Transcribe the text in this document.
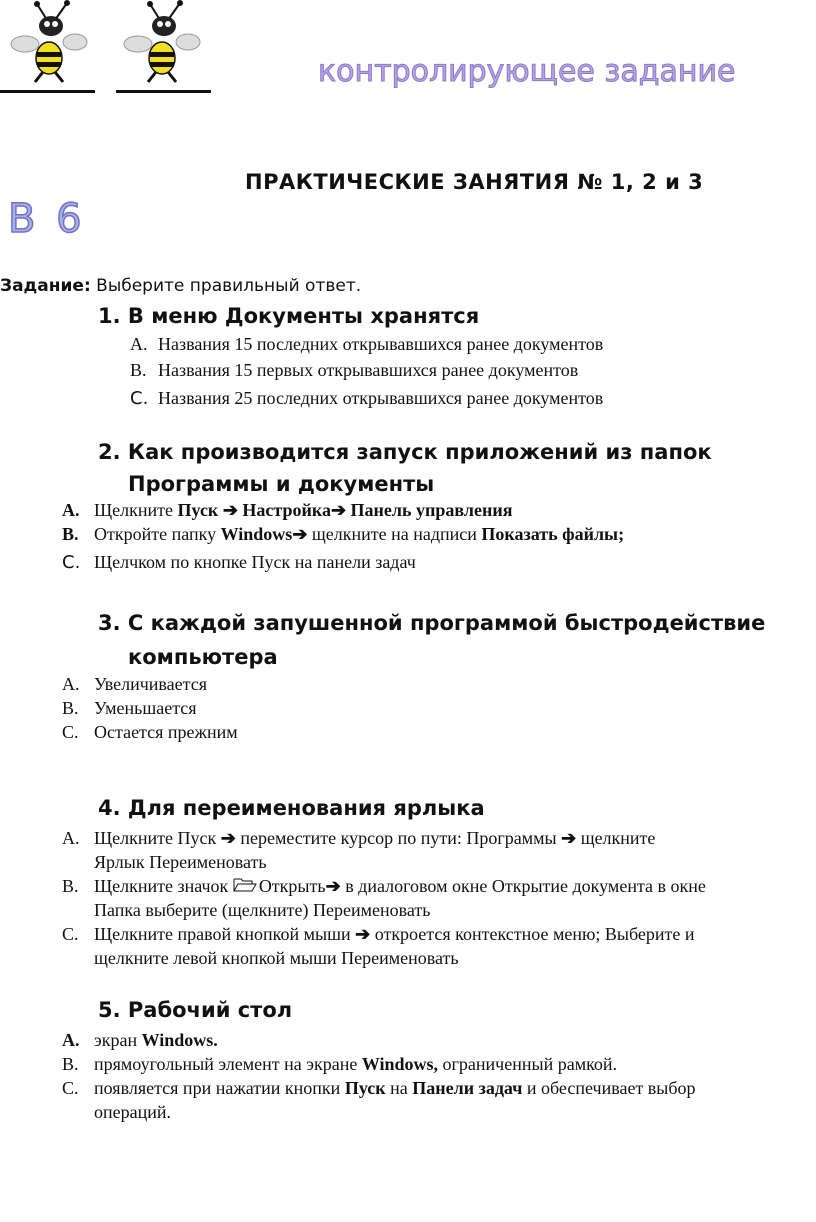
контролирующее задание
ПРАКТИЧЕСКИЕ ЗАНЯТИЯ № 1, 2 и 3
В 6
Задание: Выберите правильный ответ.
1. В меню Документы хранятся
А. Названия 15 последних открывавшихся ранее документов
В. Названия 15 первых открывавшихся ранее документов
С. Названия 25 последних открывавшихся ранее документов
2. Как производится запуск приложений из папок
Программы и документы
А. Щелкните Пуск ➔ Настройка➔ Панель управления
В. Откройте папку Windows➔ щелкните на надписи Показать файлы;
С. Щелчком по кнопке Пуск на панели задач
3. С каждой запушенной программой быстродействие
компьютера
А. Увеличивается
В. Уменьшается
С. Остается прежним
4. Для переименования ярлыка
А. Щелкните Пуск ➔ переместите курсор по пути: Программы ➔ щелкните
Ярлык Переименовать
В. Щелкните значок Открыть➔ в диалоговом окне Открытие документа в окне
Папка выберите (щелкните) Переименовать
С. Щелкните правой кнопкой мыши ➔ откроется контекстное меню; Выберите и
щелкните левой кнопкой мыши Переименовать
5. Рабочий стол
А. экран Windows.
В. прямоугольный элемент на экране Windows, ограниченный рамкой.
С. появляется при нажатии кнопки Пуск на Панели задач и обеспечивает выбор
операций.
